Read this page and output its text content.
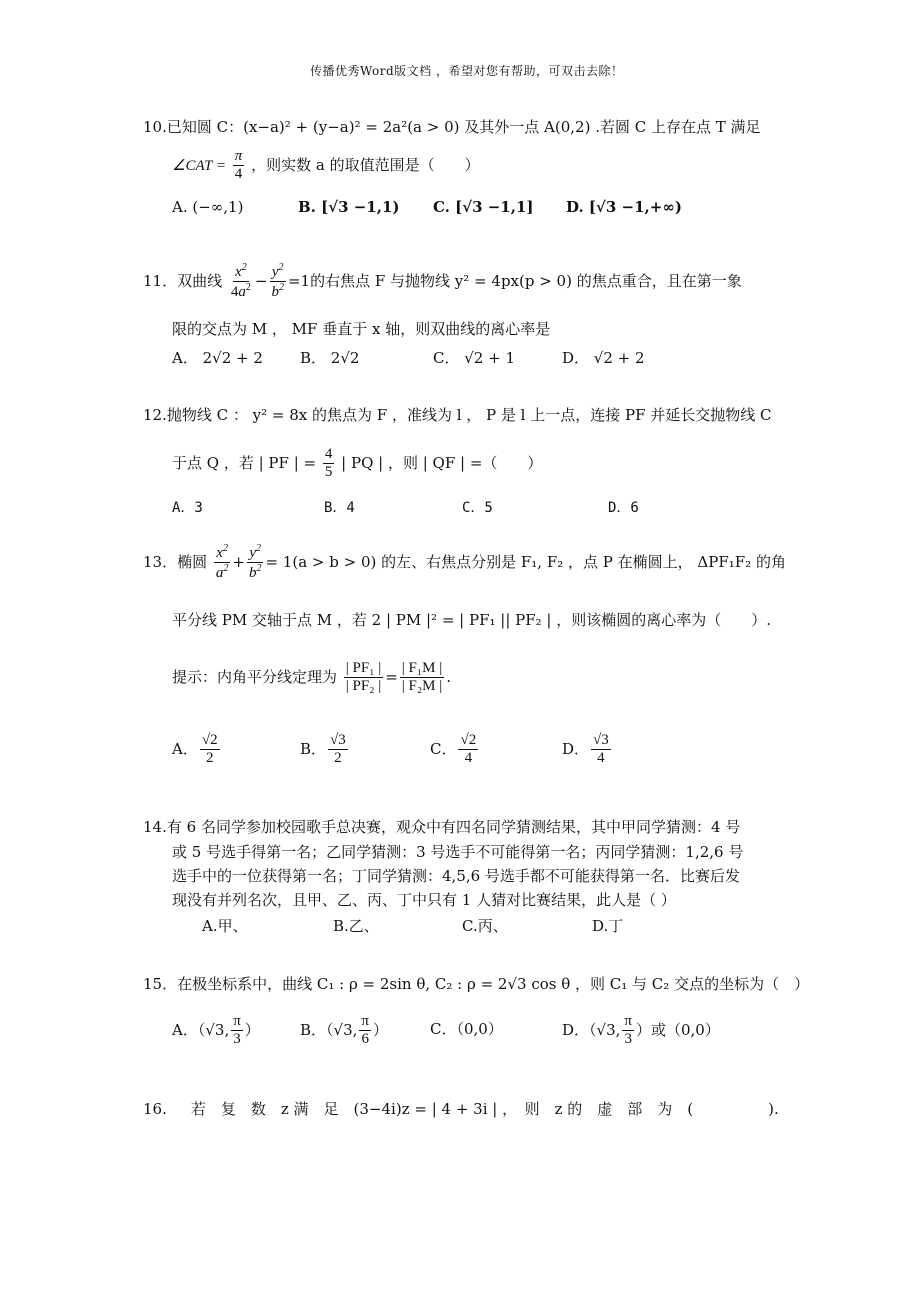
传播优秀Word版文档 ，希望对您有帮助，可双击去除！
10.已知圆 C：(x−a)² + (y−a)² = 2a²(a > 0) 及其外一点 A(0,2) .若圆 C 上存在点 T 满足
∠CAT = $\frac{\pi}{4}$ ，则实数 a 的取值范围是（　　）
A. (−∞,1)	B. [√3 −1,1) C. [√3 −1,1] D. [√3 −1,+∞)
11．双曲线 $\frac{x^2}{4a^2} - \frac{y^2}{b^2} =1$的右焦点 F 与抛物线 y² = 4px(p > 0) 的焦点重合，且在第一象
限的交点为 M ， MF 垂直于 x 轴，则双曲线的离心率是
A． 2√2 + 2 B． 2√2	C． √2 + 1	D． √2 + 2
12.抛物线 C ： y² = 8x 的焦点为 F ，准线为 l ， P 是 l 上一点，连接 PF 并延长交抛物线 C
于点 Q ，若 | PF | = $\frac{4}{5}$ | PQ | ，则 | QF | =（　　）
A．3	B．4	C．5	D．6
13．椭圆 $\frac{x^2}{a^2} + \frac{y^2}{b^2} = 1(a > b > 0)$ 的左、右焦点分别是 F₁, F₂ ，点 P 在椭圆上， ΔPF₁F₂ 的角
平分线 PM 交轴于点 M ，若 2 | PM |² = | PF₁ || PF₂ | ，则该椭圆的离心率为（　　）.
提示：内角平分线定理为 $\frac{\text{| PF₁ |}}{\text{| PF₂ |}} = \frac{\text{| F₁M |}}{\text{| F₂M |}}$ .
A． $\frac{√2}{2}$	B． $\frac{√3}{2}$	C． $\frac{√2}{4}$	D． $\frac{√3}{4}$
14.有 6 名同学参加校园歌手总决赛，观众中有四名同学猜测结果，其中甲同学猜测：4 号
或 5 号选手得第一名；乙同学猜测：3 号选手不可能得第一名；丙同学猜测：1,2,6 号
选手中的一位获得第一名；丁同学猜测：4,5,6 号选手都不可能获得第一名．比赛后发
现没有并列名次，且甲、乙、丙、丁中只有 1 人猜对比赛结果，此人是（ ）
A.甲、	B.乙、	C.丙、	D.丁
15．在极坐标系中，曲线 C₁ : ρ = 2sin θ, C₂ : ρ = 2√3 cos θ ，则 C₁ 与 C₂ 交点的坐标为（　）
A．（√3, $\frac{\pi}{3}$ ）	B．（√3, $\frac{\pi}{6}$ ）	C．（0,0）	D．（√3, $\frac{\pi}{3}$ ）或（0,0）
16. 若　复　数　z 满　足　(3−4i)z = | 4 + 3i | ，　则　z 的　虚　部　为　(　　　　　).
